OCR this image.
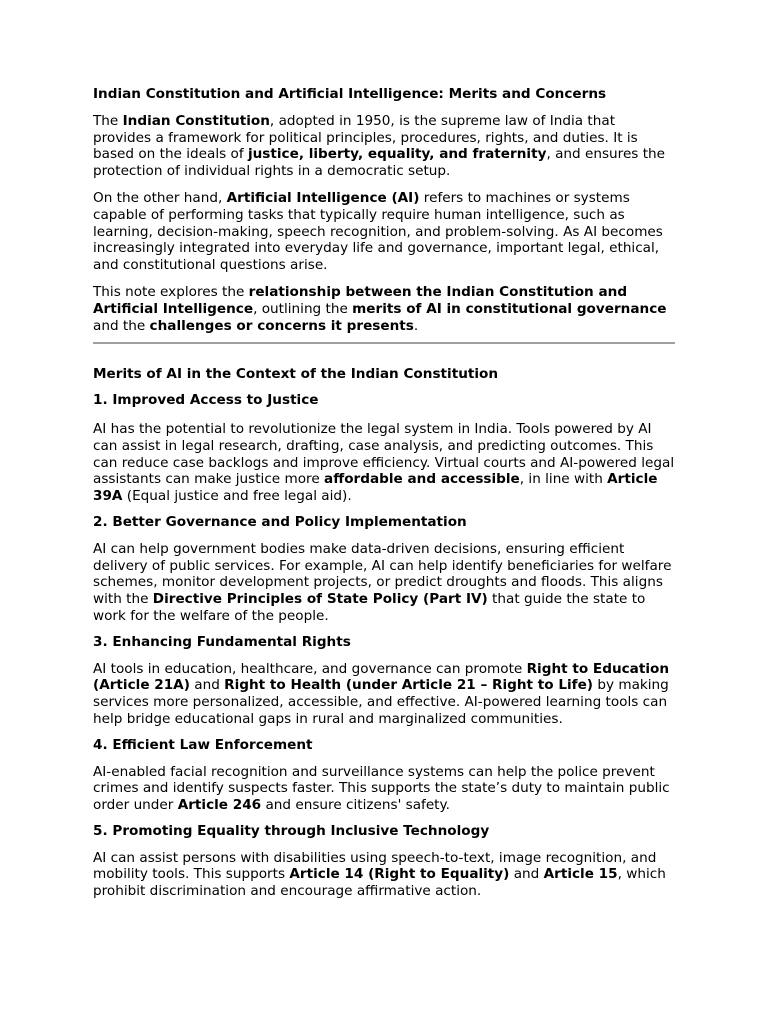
Indian Constitution and Artificial Intelligence: Merits and Concerns

The Indian Constitution, adopted in 1950, is the supreme law of India that provides a framework for political principles, procedures, rights, and duties. It is based on the ideals of justice, liberty, equality, and fraternity, and ensures the protection of individual rights in a democratic setup.

On the other hand, Artificial Intelligence (AI) refers to machines or systems capable of performing tasks that typically require human intelligence, such as learning, decision-making, speech recognition, and problem-solving. As AI becomes increasingly integrated into everyday life and governance, important legal, ethical, and constitutional questions arise.

This note explores the relationship between the Indian Constitution and Artificial Intelligence, outlining the merits of AI in constitutional governance and the challenges or concerns it presents.

Merits of AI in the Context of the Indian Constitution
1. Improved Access to Justice

AI has the potential to revolutionize the legal system in India. Tools powered by AI can assist in legal research, drafting, case analysis, and predicting outcomes. This can reduce case backlogs and improve efficiency. Virtual courts and AI-powered legal assistants can make justice more affordable and accessible, in line with Article 39A (Equal justice and free legal aid).

2. Better Governance and Policy Implementation

AI can help government bodies make data-driven decisions, ensuring efficient delivery of public services. For example, AI can help identify beneficiaries for welfare schemes, monitor development projects, or predict droughts and floods. This aligns with the Directive Principles of State Policy (Part IV) that guide the state to work for the welfare of the people.

3. Enhancing Fundamental Rights

AI tools in education, healthcare, and governance can promote Right to Education (Article 21A) and Right to Health (under Article 21 – Right to Life) by making services more personalized, accessible, and effective. AI-powered learning tools can help bridge educational gaps in rural and marginalized communities.

4. Efficient Law Enforcement

AI-enabled facial recognition and surveillance systems can help the police prevent crimes and identify suspects faster. This supports the state’s duty to maintain public order under Article 246 and ensure citizens' safety.

5. Promoting Equality through Inclusive Technology

AI can assist persons with disabilities using speech-to-text, image recognition, and mobility tools. This supports Article 14 (Right to Equality) and Article 15, which prohibit discrimination and encourage affirmative action.
